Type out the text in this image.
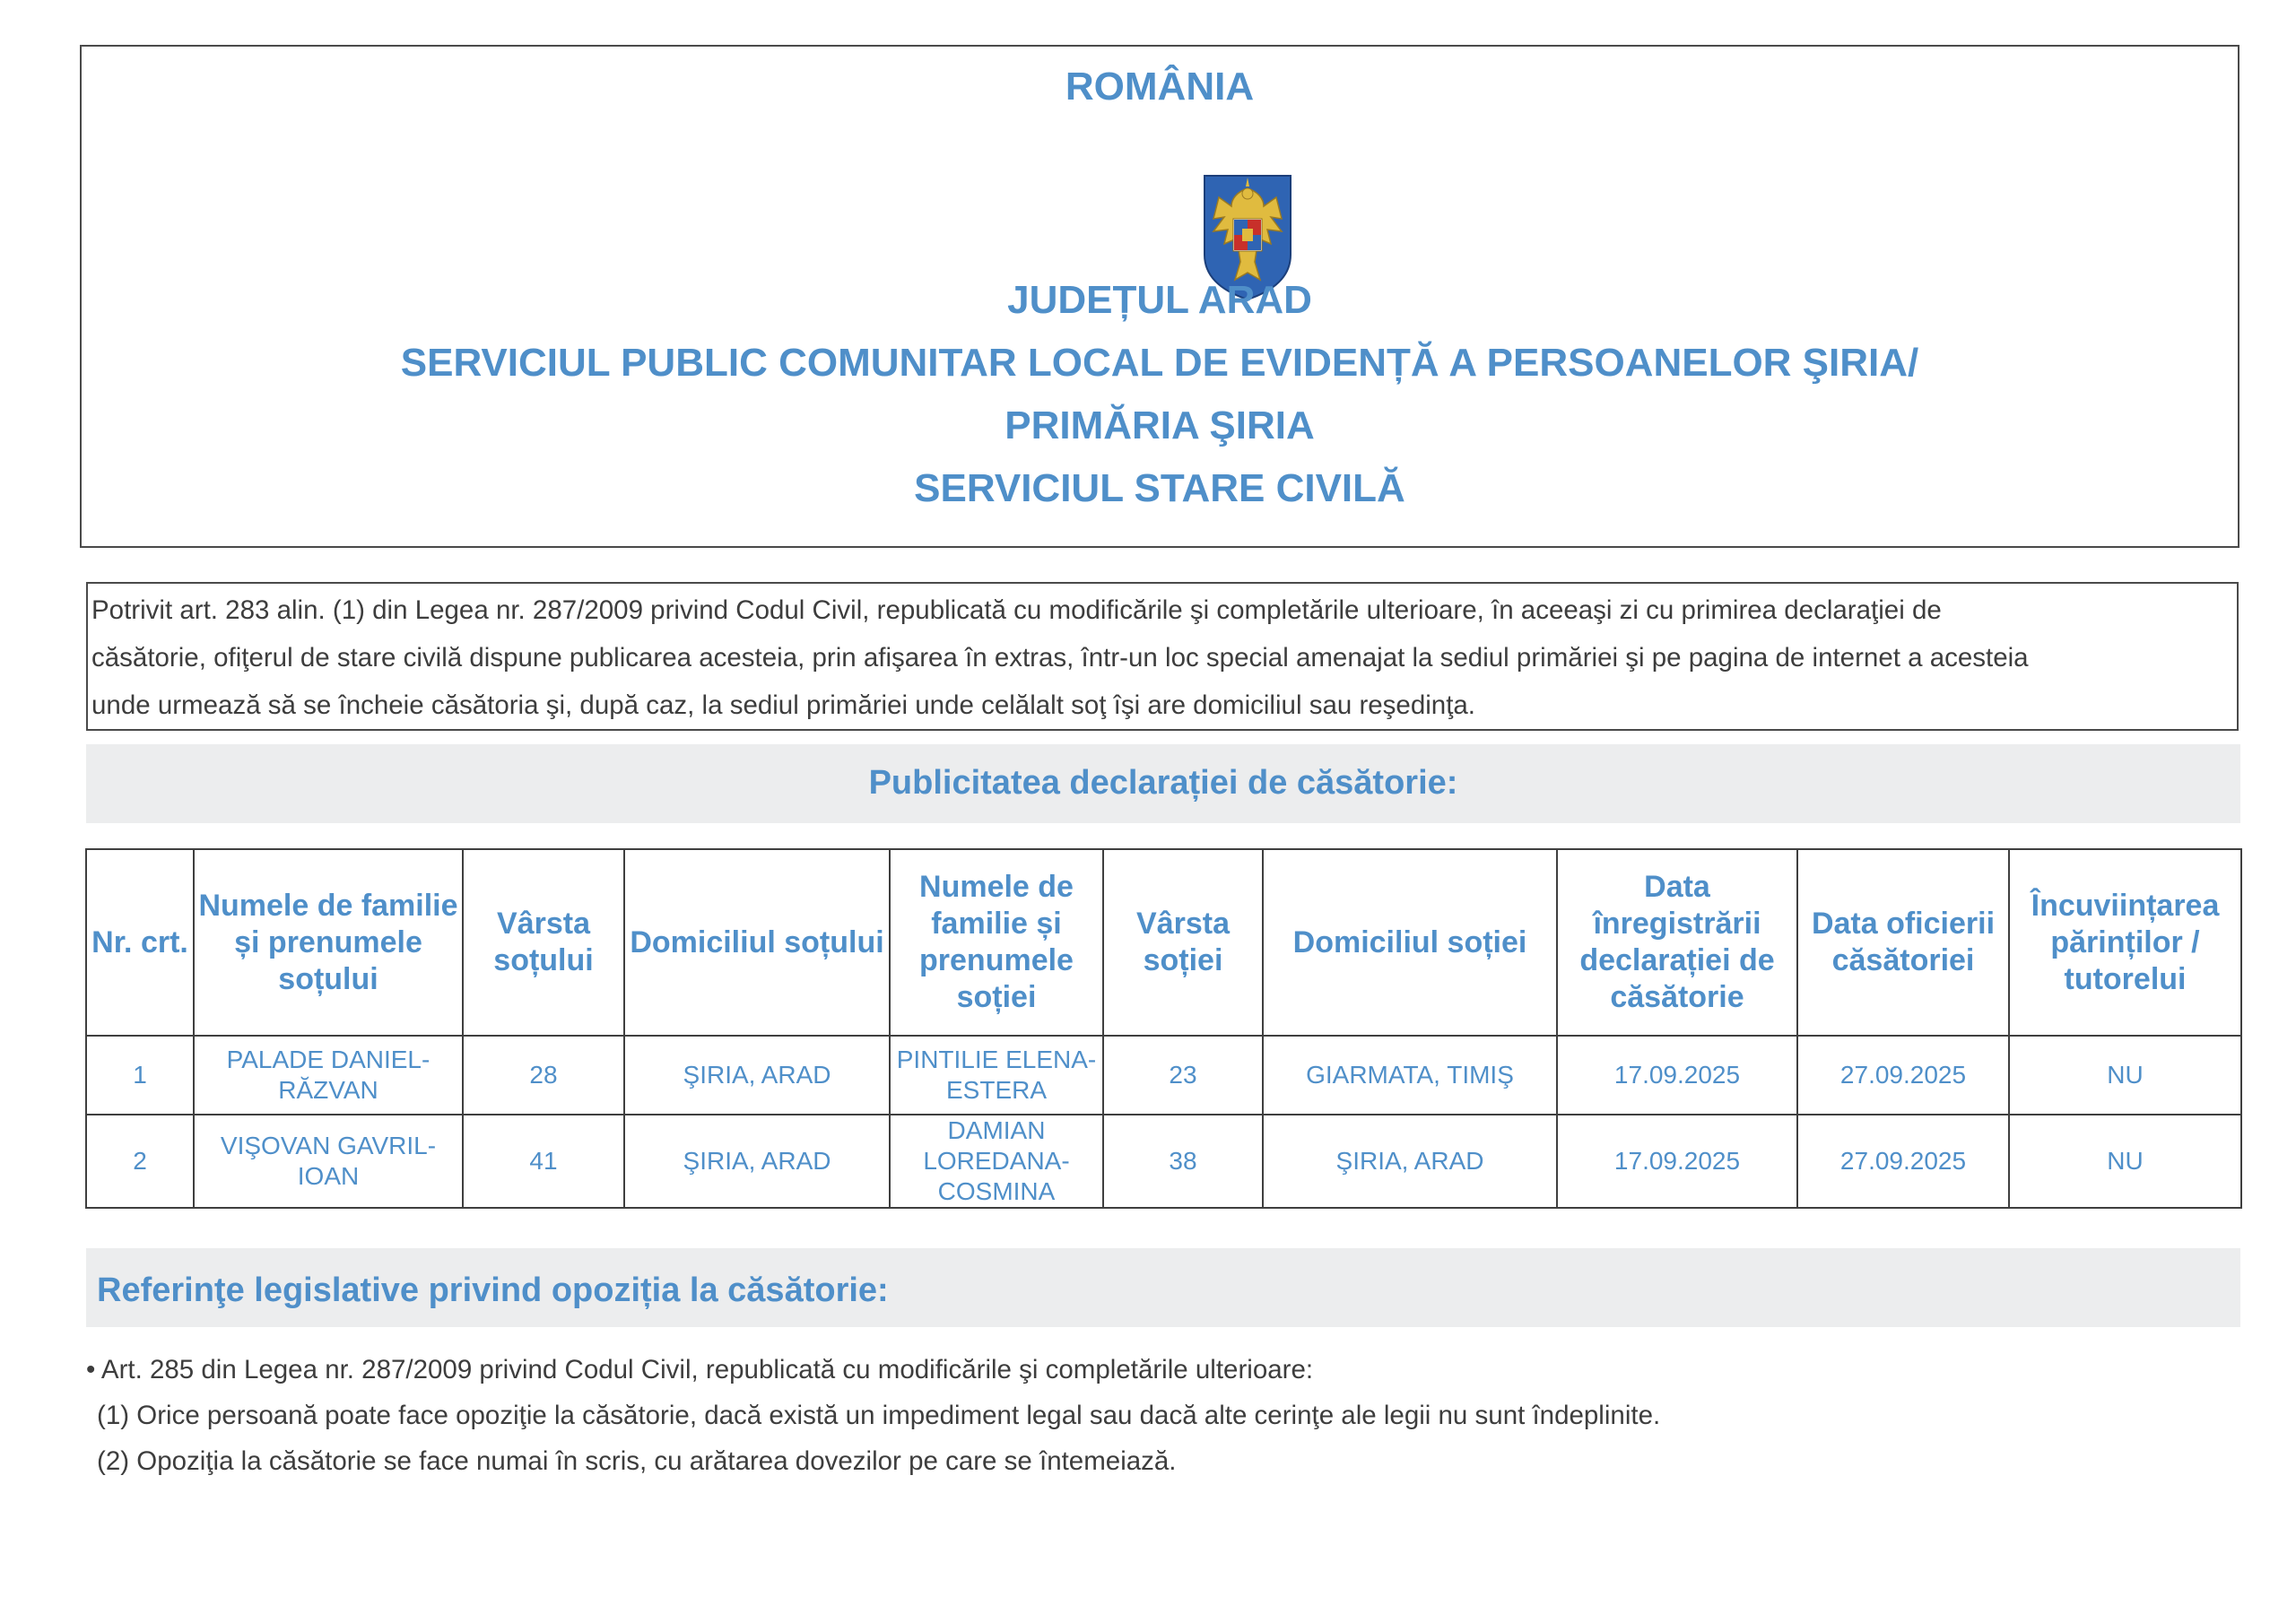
ROMÂNIA
JUDEȚUL ARAD
SERVICIUL PUBLIC COMUNITAR LOCAL DE EVIDENȚĂ A PERSOANELOR ŞIRIA/
PRIMĂRIA ŞIRIA
SERVICIUL STARE CIVILĂ
Potrivit art. 283 alin. (1) din Legea nr. 287/2009 privind Codul Civil, republicată cu modificările şi completările ulterioare, în aceeaşi zi cu primirea declaraţiei de
căsătorie, ofiţerul de stare civilă dispune publicarea acesteia, prin afişarea în extras, într-un loc special amenajat la sediul primăriei şi pe pagina de internet a acesteia
unde urmează să se încheie căsătoria şi, după caz, la sediul primăriei unde celălalt soţ îşi are domiciliul sau reşedinţa.
Publicitatea declarației de căsătorie:
Nr. crt.	Numele de familie și prenumele soțului	Vârsta soțului	Domiciliul soțului	Numele de familie și prenumele soției	Vârsta soției	Domiciliul soției	Data înregistrării declarației de căsătorie	Data oficierii căsătoriei	Încuviințarea părinților / tutorelui
1	PALADE DANIEL-RĂZVAN	28	ŞIRIA, ARAD	PINTILIE ELENA-ESTERA	23	GIARMATA, TIMIŞ	17.09.2025	27.09.2025	NU
2	VIŞOVAN GAVRIL-IOAN	41	ŞIRIA, ARAD	DAMIAN LOREDANA-COSMINA	38	ŞIRIA, ARAD	17.09.2025	27.09.2025	NU
Referinţe legislative privind opoziția la căsătorie:
• Art. 285 din Legea nr. 287/2009 privind Codul Civil, republicată cu modificările şi completările ulterioare:
(1) Orice persoană poate face opoziţie la căsătorie, dacă există un impediment legal sau dacă alte cerinţe ale legii nu sunt îndeplinite.
(2) Opoziţia la căsătorie se face numai în scris, cu arătarea dovezilor pe care se întemeiază.
